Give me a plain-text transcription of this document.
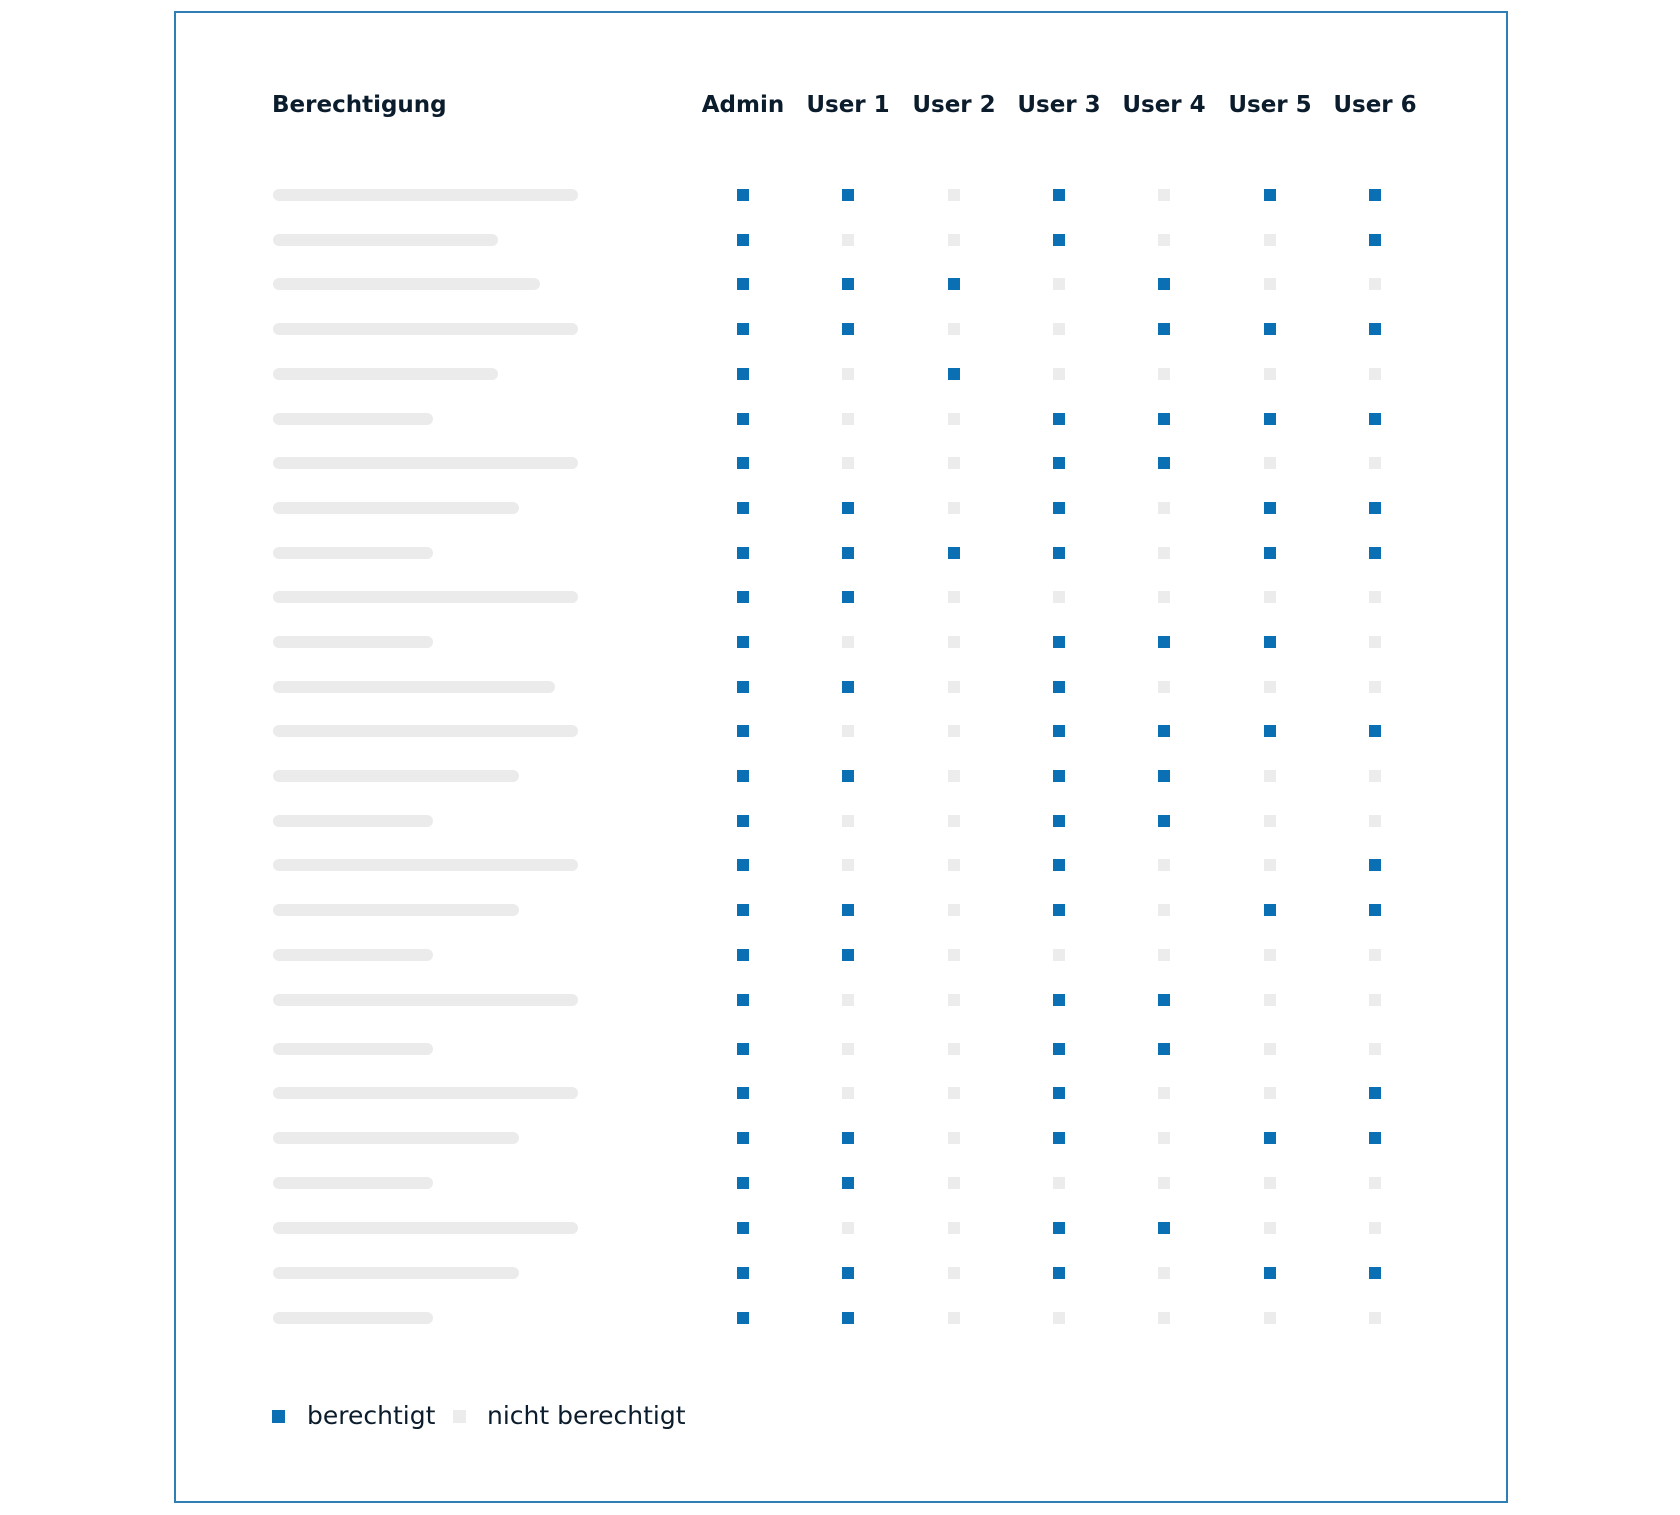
Berechtigung	Admin User 1 User 2 User 3 User 4 User 5 User 6
berechtigt nicht berechtigt
